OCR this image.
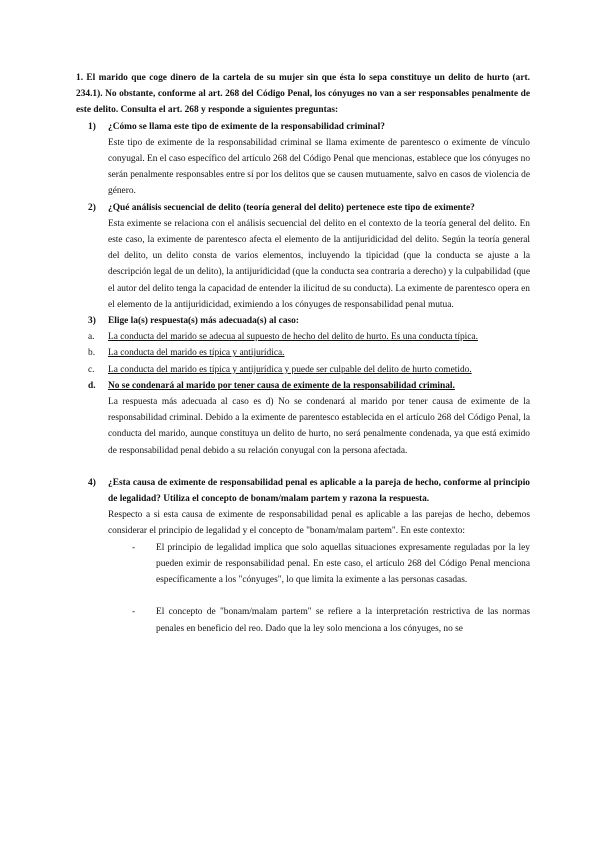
1. El marido que coge dinero de la cartela de su mujer sin que ésta lo sepa constituye un delito de hurto (art. 234.1). No obstante, conforme al art. 268 del Código Penal, los cónyuges no van a ser responsables penalmente de este delito. Consulta el art. 268 y responde a siguientes preguntas:

1) ¿Cómo se llama este tipo de eximente de la responsabilidad criminal?

Este tipo de eximente de la responsabilidad criminal se llama eximente de parentesco o eximente de vínculo conyugal. En el caso específico del artículo 268 del Código Penal que mencionas, establece que los cónyuges no serán penalmente responsables entre sí por los delitos que se causen mutuamente, salvo en casos de violencia de género.

2) ¿Qué análisis secuencial de delito (teoría general del delito) pertenece este tipo de eximente?

Esta eximente se relaciona con el análisis secuencial del delito en el contexto de la teoría general del delito. En este caso, la eximente de parentesco afecta el elemento de la antijuridicidad del delito. Según la teoría general del delito, un delito consta de varios elementos, incluyendo la tipicidad (que la conducta se ajuste a la descripción legal de un delito), la antijuridicidad (que la conducta sea contraria a derecho) y la culpabilidad (que el autor del delito tenga la capacidad de entender la ilicitud de su conducta). La eximente de parentesco opera en el elemento de la antijuridicidad, eximiendo a los cónyuges de responsabilidad penal mutua.

3) Elige la(s) respuesta(s) más adecuada(s) al caso:
a. La conducta del marido se adecua al supuesto de hecho del delito de hurto. Es una conducta típica.
b. La conducta del marido es típica y antijurídica.
c. La conducta del marido es típica y antijurídica y puede ser culpable del delito de hurto cometido.
d. No se condenará al marido por tener causa de eximente de la responsabilidad criminal.

La respuesta más adecuada al caso es d) No se condenará al marido por tener causa de eximente de la responsabilidad criminal. Debido a la eximente de parentesco establecida en el artículo 268 del Código Penal, la conducta del marido, aunque constituya un delito de hurto, no será penalmente condenada, ya que está eximido de responsabilidad penal debido a su relación conyugal con la persona afectada.

4) ¿Esta causa de eximente de responsabilidad penal es aplicable a la pareja de hecho, conforme al principio de legalidad? Utiliza el concepto de bonam/malam partem y razona la respuesta.

Respecto a si esta causa de eximente de responsabilidad penal es aplicable a las parejas de hecho, debemos considerar el principio de legalidad y el concepto de "bonam/malam partem". En este contexto:

-	El principio de legalidad implica que solo aquellas situaciones expresamente reguladas por la ley pueden eximir de responsabilidad penal. En este caso, el artículo 268 del Código Penal menciona específicamente a los "cónyuges", lo que limita la eximente a las personas casadas.
-	El concepto de "bonam/malam partem" se refiere a la interpretación restrictiva de las normas penales en beneficio del reo. Dado que la ley solo menciona a los cónyuges, no se
